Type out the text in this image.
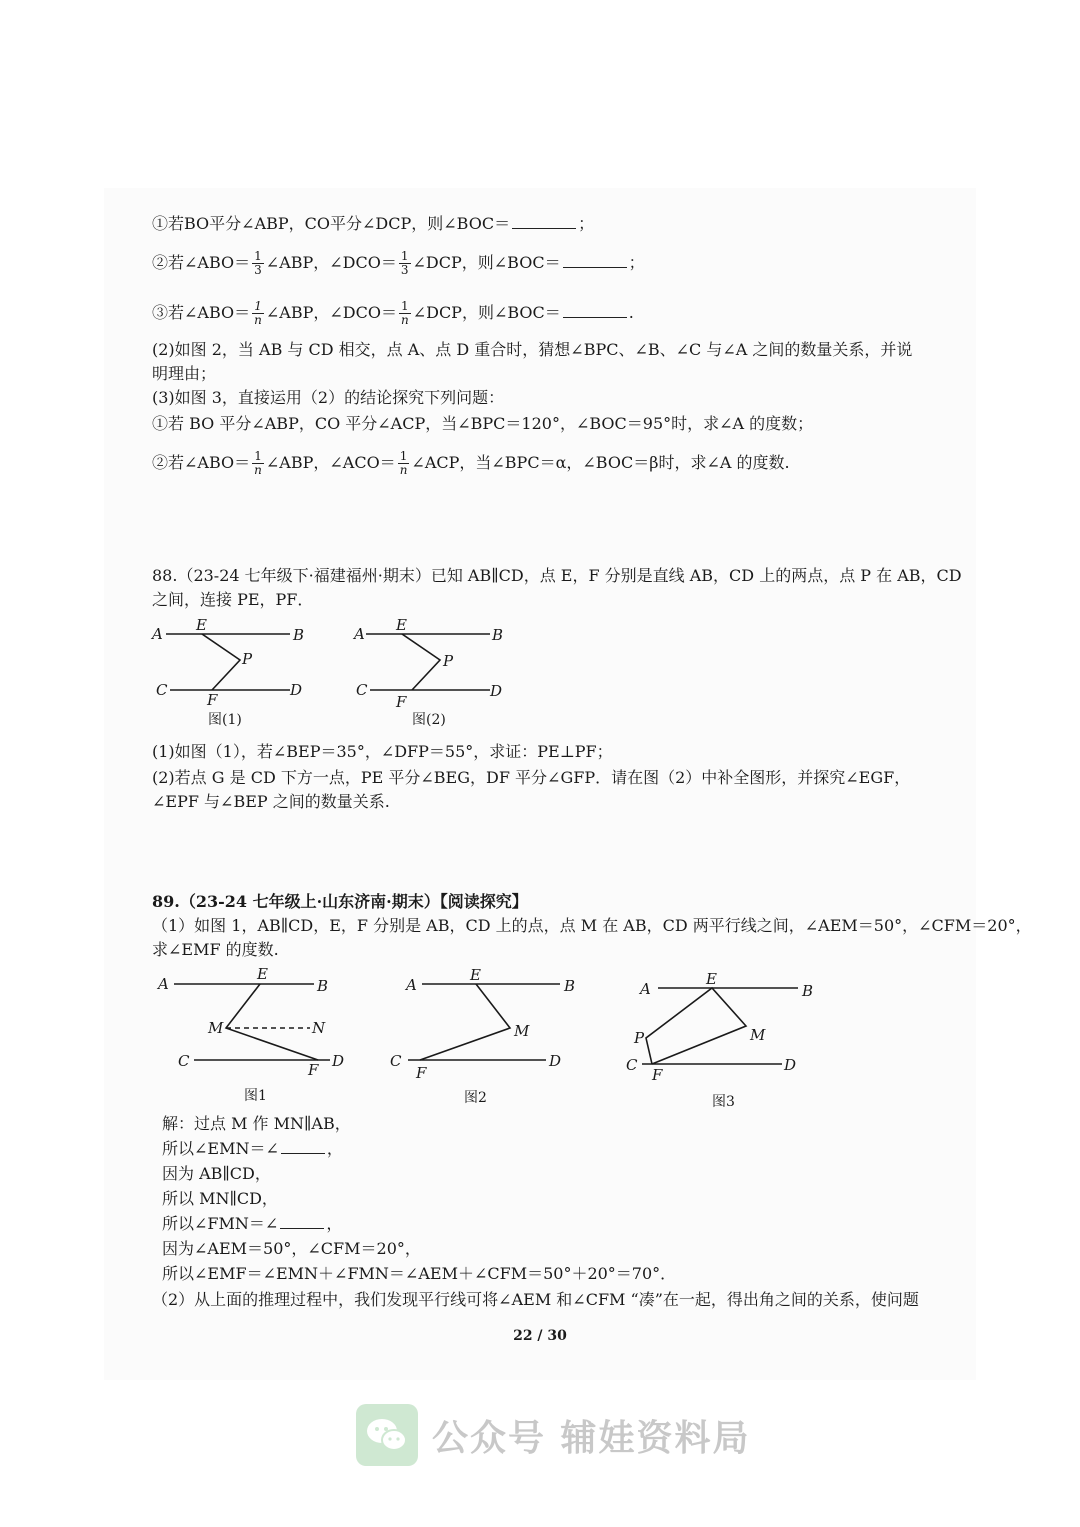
①若BO平分∠ABP，CO平分∠DCP，则∠BOC＝	；
②若∠ABO＝ $\frac{1}{3}$ ∠ABP，∠DCO＝ $\frac{1}{3}$ ∠DCP，则∠BOC＝	；
③若∠ABO＝ $\frac{1}{n}$ ∠ABP，∠DCO＝ $\frac{1}{n}$ ∠DCP，则∠BOC＝	.
(2)如图 2，当 AB 与 CD 相交，点 A、点 D 重合时，猜想∠BPC、∠B、∠C 与∠A 之间的数量关系，并说
明理由；
(3)如图 3，直接运用（2）的结论探究下列问题：
①若 BO 平分∠ABP，CO 平分∠ACP，当∠BPC＝120°，∠BOC＝95°时，求∠A 的度数；
②若∠ABO＝ $\frac{1}{n}$ ∠ABP，∠ACO＝ $\frac{1}{n}$ ∠ACP，当∠BPC＝α，∠BOC＝β时，求∠A 的度数.
88.（23-24 七年级下·福建福州·期末）已知 AB∥CD，点 E，F 分别是直线 AB，CD 上的两点，点 P 在 AB，CD
之间，连接 PE，PF．
A	B
E
P
C	D
F
图(1)
A	B
E
P
C	D
F
图(2)
(1)如图（1），若∠BEP＝35°，∠DFP＝55°，求证：PE⊥PF；
(2)若点 G 是 CD 下方一点，PE 平分∠BEG，DF 平分∠GFP．请在图（2）中补全图形，并探究∠EGF，
∠EPF 与∠BEP 之间的数量关系.
89.（23-24 七年级上·山东济南·期末）【阅读探究】
（1）如图 1，AB∥CD，E，F 分别是 AB，CD 上的点，点 M 在 AB，CD 两平行线之间，∠AEM＝50°，∠CFM＝20°，
求∠EMF 的度数.
A	B
E
M	N
C	D
F
图1
A	B
E
M
C	D
F
图2
A	B
E
M
P
C	D
F
图3
解：过点 M 作 MN∥AB，
所以∠EMN＝∠	，
因为 AB∥CD，
所以 MN∥CD，
所以∠FMN＝∠	，
因为∠AEM＝50°，∠CFM＝20°，
所以∠EMF＝∠EMN＋∠FMN＝∠AEM＋∠CFM＝50°＋20°＝70°．
（2）从上面的推理过程中，我们发现平行线可将∠AEM 和∠CFM “凑”在一起，得出角之间的关系，使问题
22 / 30
公众号 辅娃资料局
